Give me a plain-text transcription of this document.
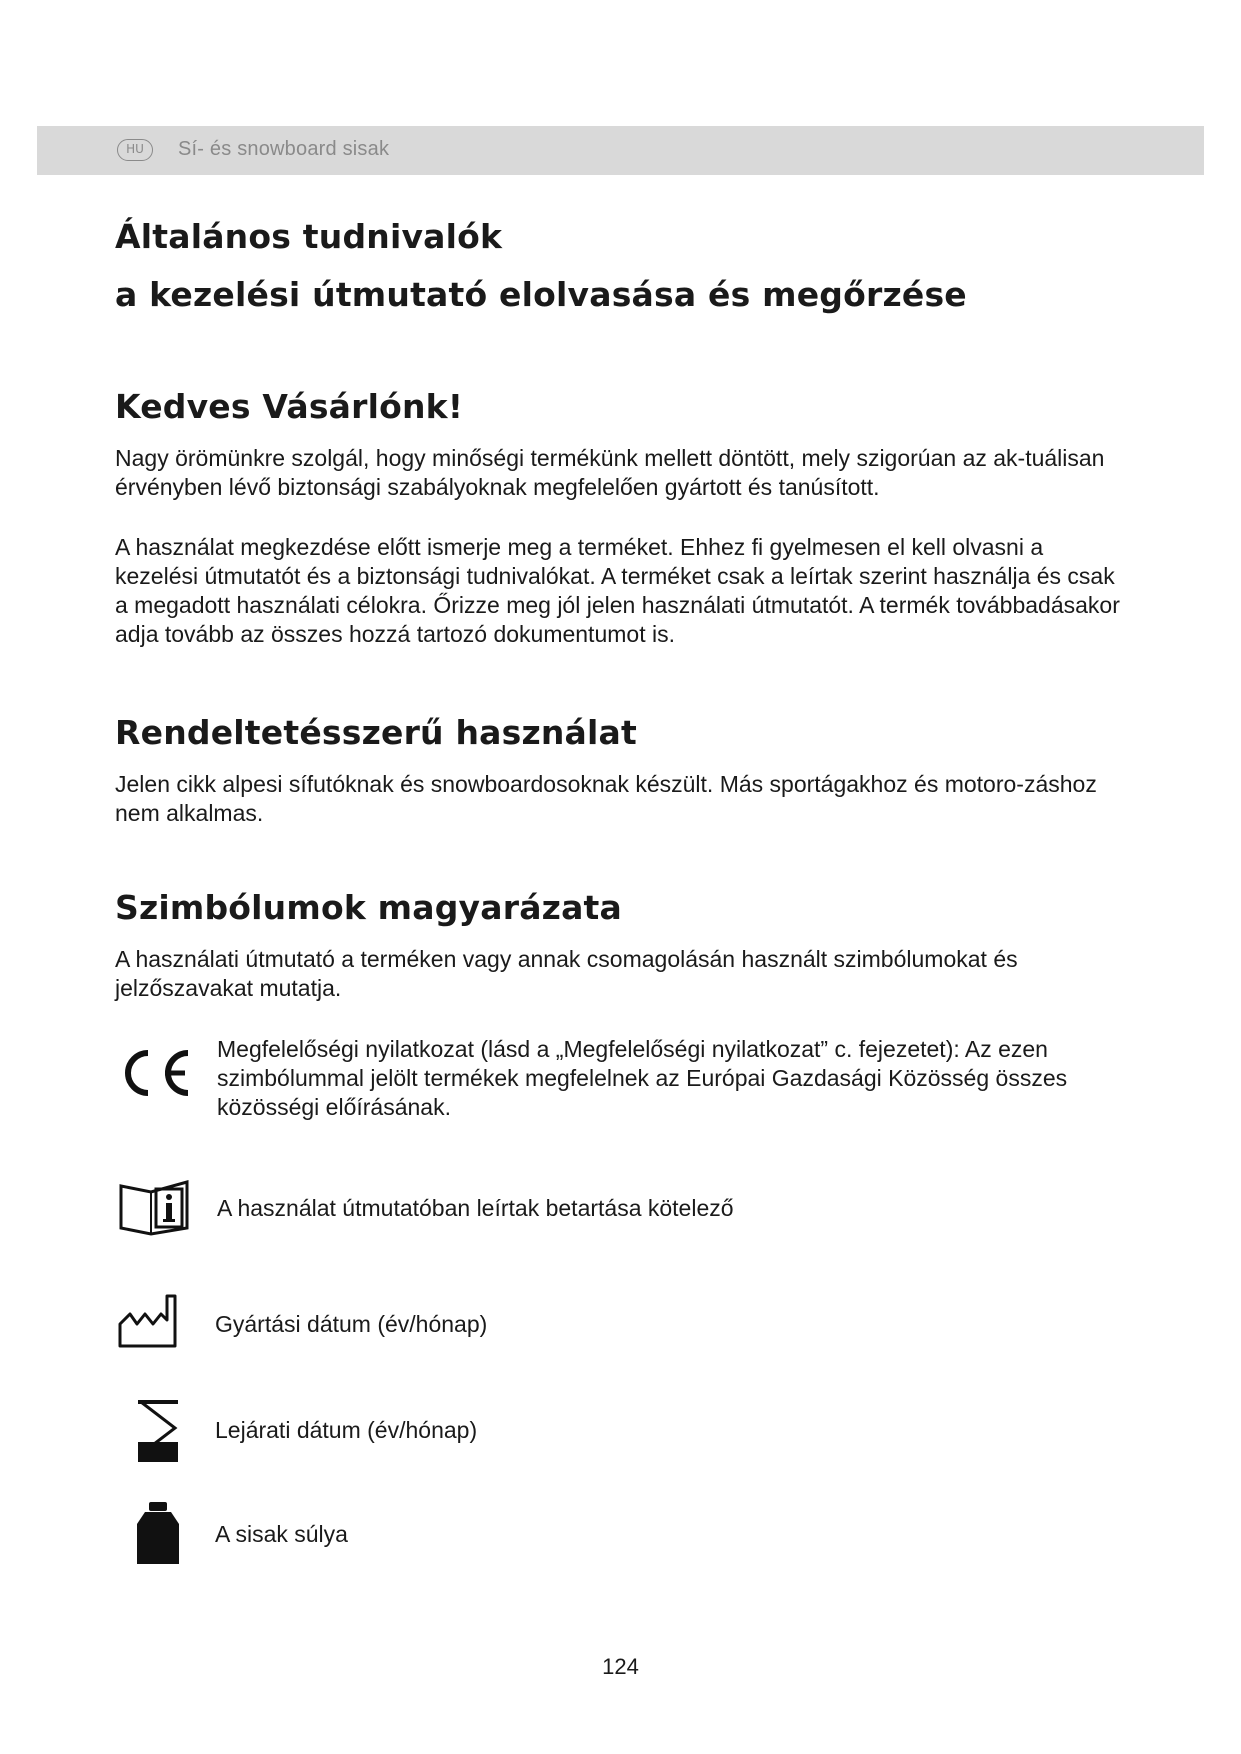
HU	Sí- és snowboard sisak
Általános tudnivalók
a kezelési útmutató elolvasása és megőrzése
Kedves Vásárlónk!

Nagy örömünkre szolgál, hogy minőségi termékünk mellett döntött, mely szigorúan az ak-tuálisan érvényben lévő biztonsági szabályoknak megfelelően gyártott és tanúsított.

A használat megkezdése előtt ismerje meg a terméket. Ehhez fi gyelmesen el kell olvasni a kezelési útmutatót és a biztonsági tudnivalókat. A terméket csak a leírtak szerint használja és csak a megadott használati célokra. Őrizze meg jól jelen használati útmutatót. A termék továbbadásakor adja tovább az összes hozzá tartozó dokumentumot is.

Rendeltetésszerű használat

Jelen cikk alpesi sífutóknak és snowboardosoknak készült. Más sportágakhoz és motoro-záshoz nem alkalmas.

Szimbólumok magyarázata

A használati útmutató a terméken vagy annak csomagolásán használt szimbólumokat és jelzőszavakat mutatja.

Megfelelőségi nyilatkozat (lásd a „Megfelelőségi nyilatkozat” c. fejezetet): Az ezen szimbólummal jelölt termékek megfelelnek az Európai Gazdasági Közösség összes közösségi előírásának.

A használat útmutatóban leírtak betartása kötelező

Gyártási dátum (év/hónap)

Lejárati dátum (év/hónap)

A sisak súlya

124
